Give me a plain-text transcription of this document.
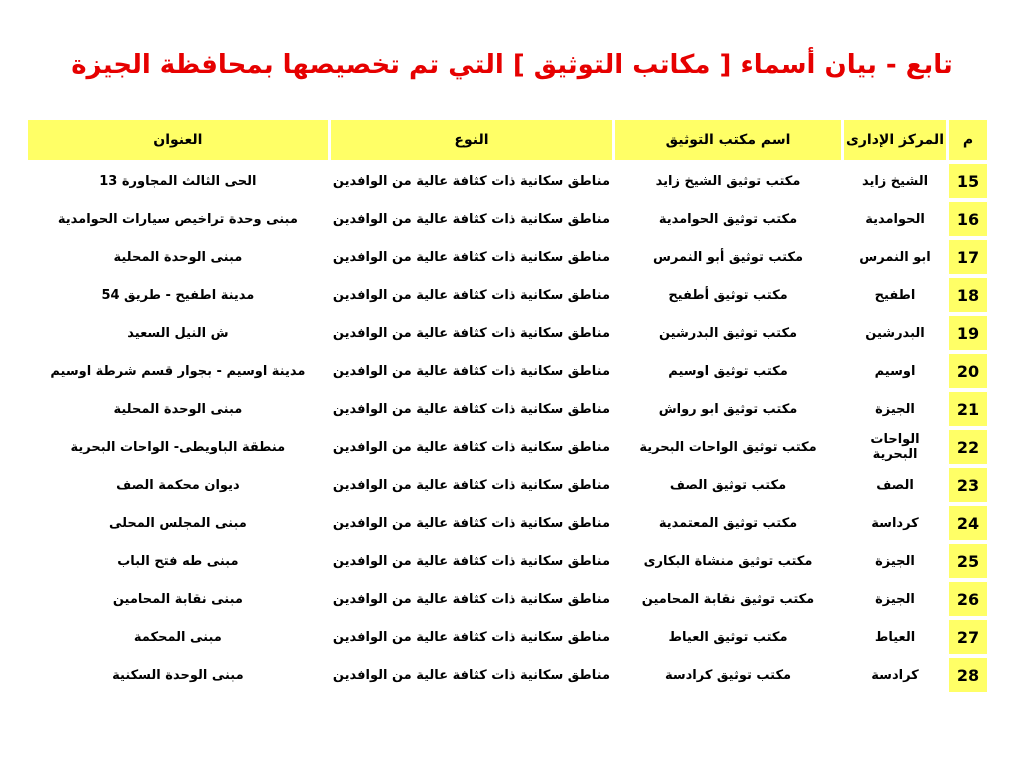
تابع - بيان أسماء [ مكاتب التوثيق ] التي تم تخصيصها بمحافظة الجيزة
م	المركز الإدارى	اسم مكتب التوثيق	النوع	العنوان
15	الشيخ زايد	مكتب توثيق الشيخ زايد	مناطق سكانية ذات كثافة عالية من الوافدين	الحى الثالث المجاورة 13
16	الحوامدية	مكتب توثيق الحوامدية	مناطق سكانية ذات كثافة عالية من الوافدين	مبنى وحدة تراخيص سيارات الحوامدية
17	ابو النمرس	مكتب توثيق أبو النمرس	مناطق سكانية ذات كثافة عالية من الوافدين	مبنى الوحدة المحلية
18	اطفيح	مكتب توثيق أطفيح	مناطق سكانية ذات كثافة عالية من الوافدين	مدينة اطفيح - طريق 54
19	البدرشين	مكتب توثيق البدرشين	مناطق سكانية ذات كثافة عالية من الوافدين	ش النيل السعيد
20	اوسيم	مكتب توثيق اوسيم	مناطق سكانية ذات كثافة عالية من الوافدين	مدينة اوسيم - بجوار قسم شرطة اوسيم
21	الجيزة	مكتب توثيق ابو رواش	مناطق سكانية ذات كثافة عالية من الوافدين	مبنى الوحدة المحلية
22	الواحات البحرية	مكتب توثيق الواحات البحرية	مناطق سكانية ذات كثافة عالية من الوافدين	منطقة الباويطى- الواحات البحرية
23	الصف	مكتب توثيق الصف	مناطق سكانية ذات كثافة عالية من الوافدين	ديوان محكمة الصف
24	كرداسة	مكتب توثيق المعتمدية	مناطق سكانية ذات كثافة عالية من الوافدين	مبنى المجلس المحلى
25	الجيزة	مكتب توثيق منشاة البكارى	مناطق سكانية ذات كثافة عالية من الوافدين	مبنى طه فتح الباب
26	الجيزة	مكتب توثيق نقابة المحامين	مناطق سكانية ذات كثافة عالية من الوافدين	مبنى نقابة المحامين
27	العياط	مكتب توثيق العياط	مناطق سكانية ذات كثافة عالية من الوافدين	مبنى المحكمة
28	كرادسة	مكتب توثيق كرادسة	مناطق سكانية ذات كثافة عالية من الوافدين	مبنى الوحدة السكنية
